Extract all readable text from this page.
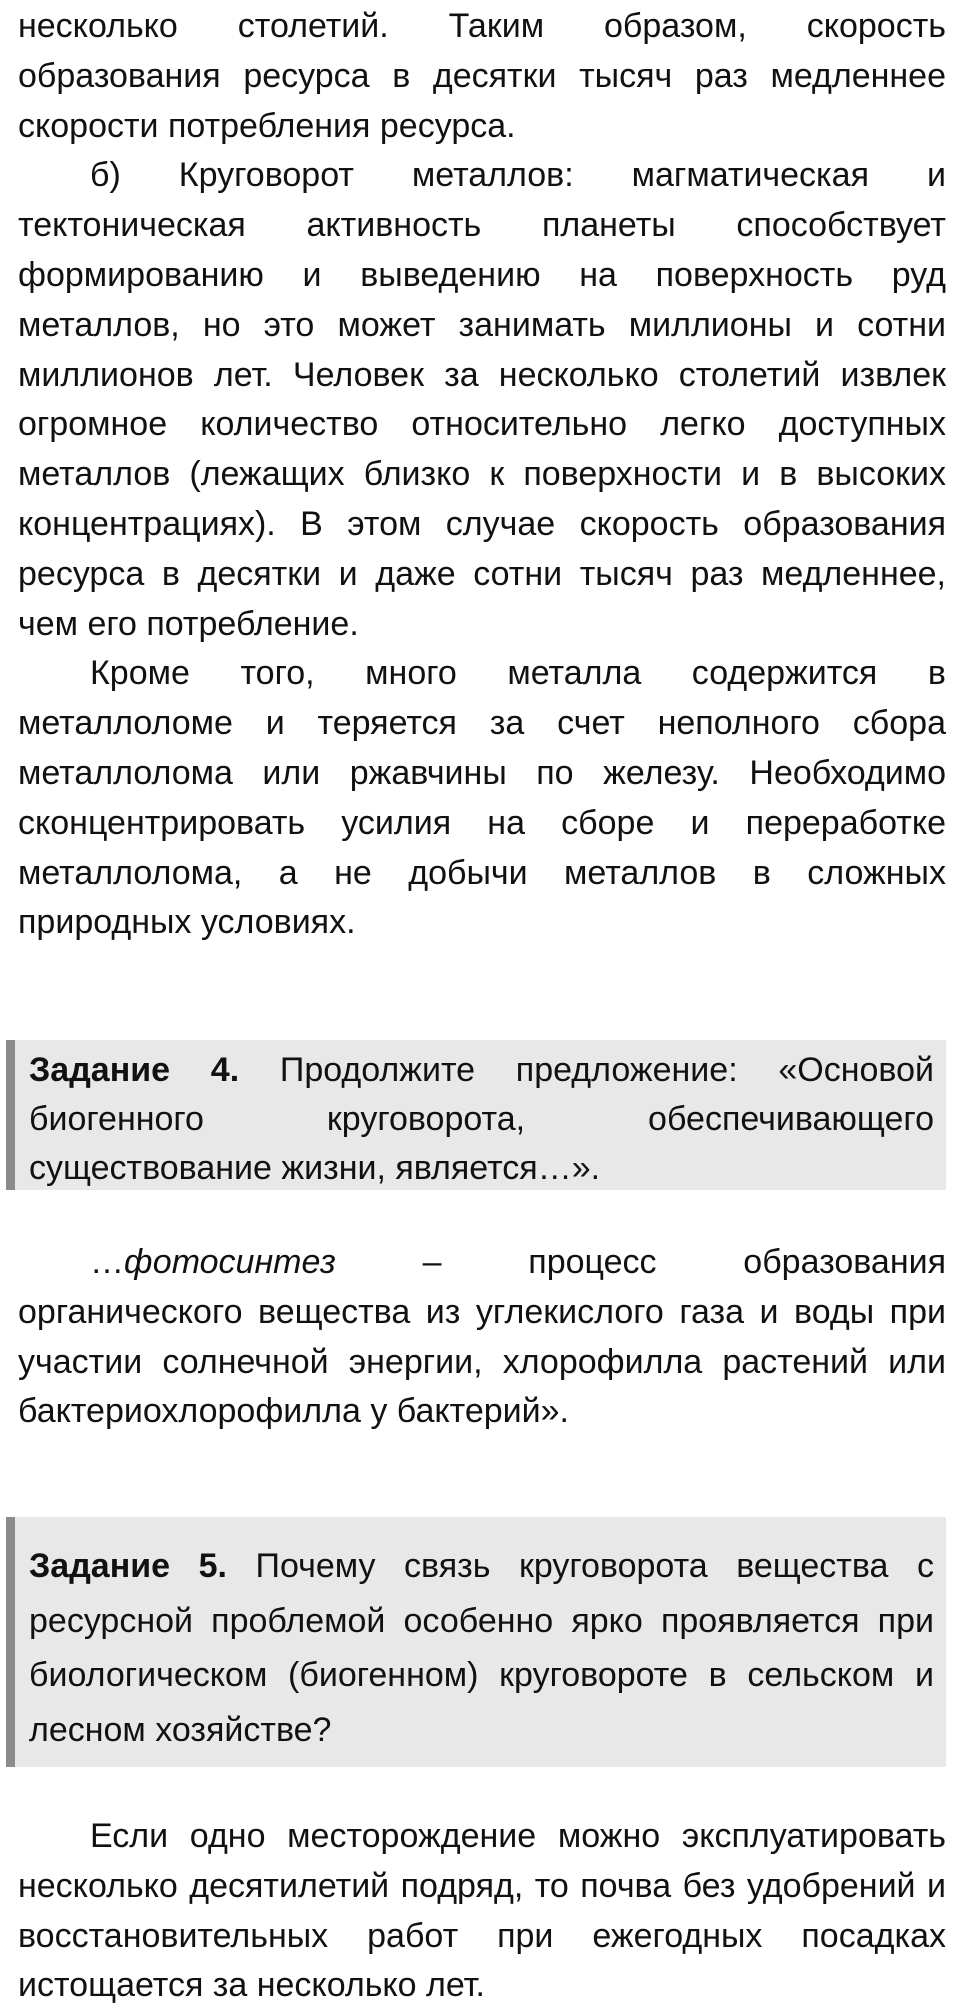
несколько столетий. Таким образом, скорость образования ресурса в десятки тысяч раз медленнее скорости потребления ресурса.

б) Круговорот металлов: магматическая и тектоническая активность планеты способствует формированию и выведению на поверхность руд металлов, но это может занимать миллионы и сотни миллионов лет. Человек за несколько столетий извлек огромное количество относительно легко доступных металлов (лежащих близко к поверхности и в высоких концентрациях). В этом случае скорость образования ресурса в десятки и даже сотни тысяч раз медленнее, чем его потребление.

Кроме того, много металла содержится в металлоломе и теряется за счет неполного сбора металлолома или ржавчины по железу. Необходимо сконцентрировать усилия на сборе и переработке металлолома, а не добычи металлов в сложных природных условиях.

Задание 4. Продолжите предложение: «Основой биогенного круговорота, обеспечивающего существование жизни, является…».

…фотосинтез – процесс образования органического вещества из углекислого газа и воды при участии солнечной энергии, хлорофилла растений или бактериохлорофилла у бактерий».

Задание 5. Почему связь круговорота вещества с ресурсной проблемой особенно ярко проявляется при биологическом (биогенном) круговороте в сельском и лесном хозяйстве?

Если одно месторождение можно эксплуатировать несколько десятилетий подряд, то почва без удобрений и восстановительных работ при ежегодных посадках истощается за несколько лет.
